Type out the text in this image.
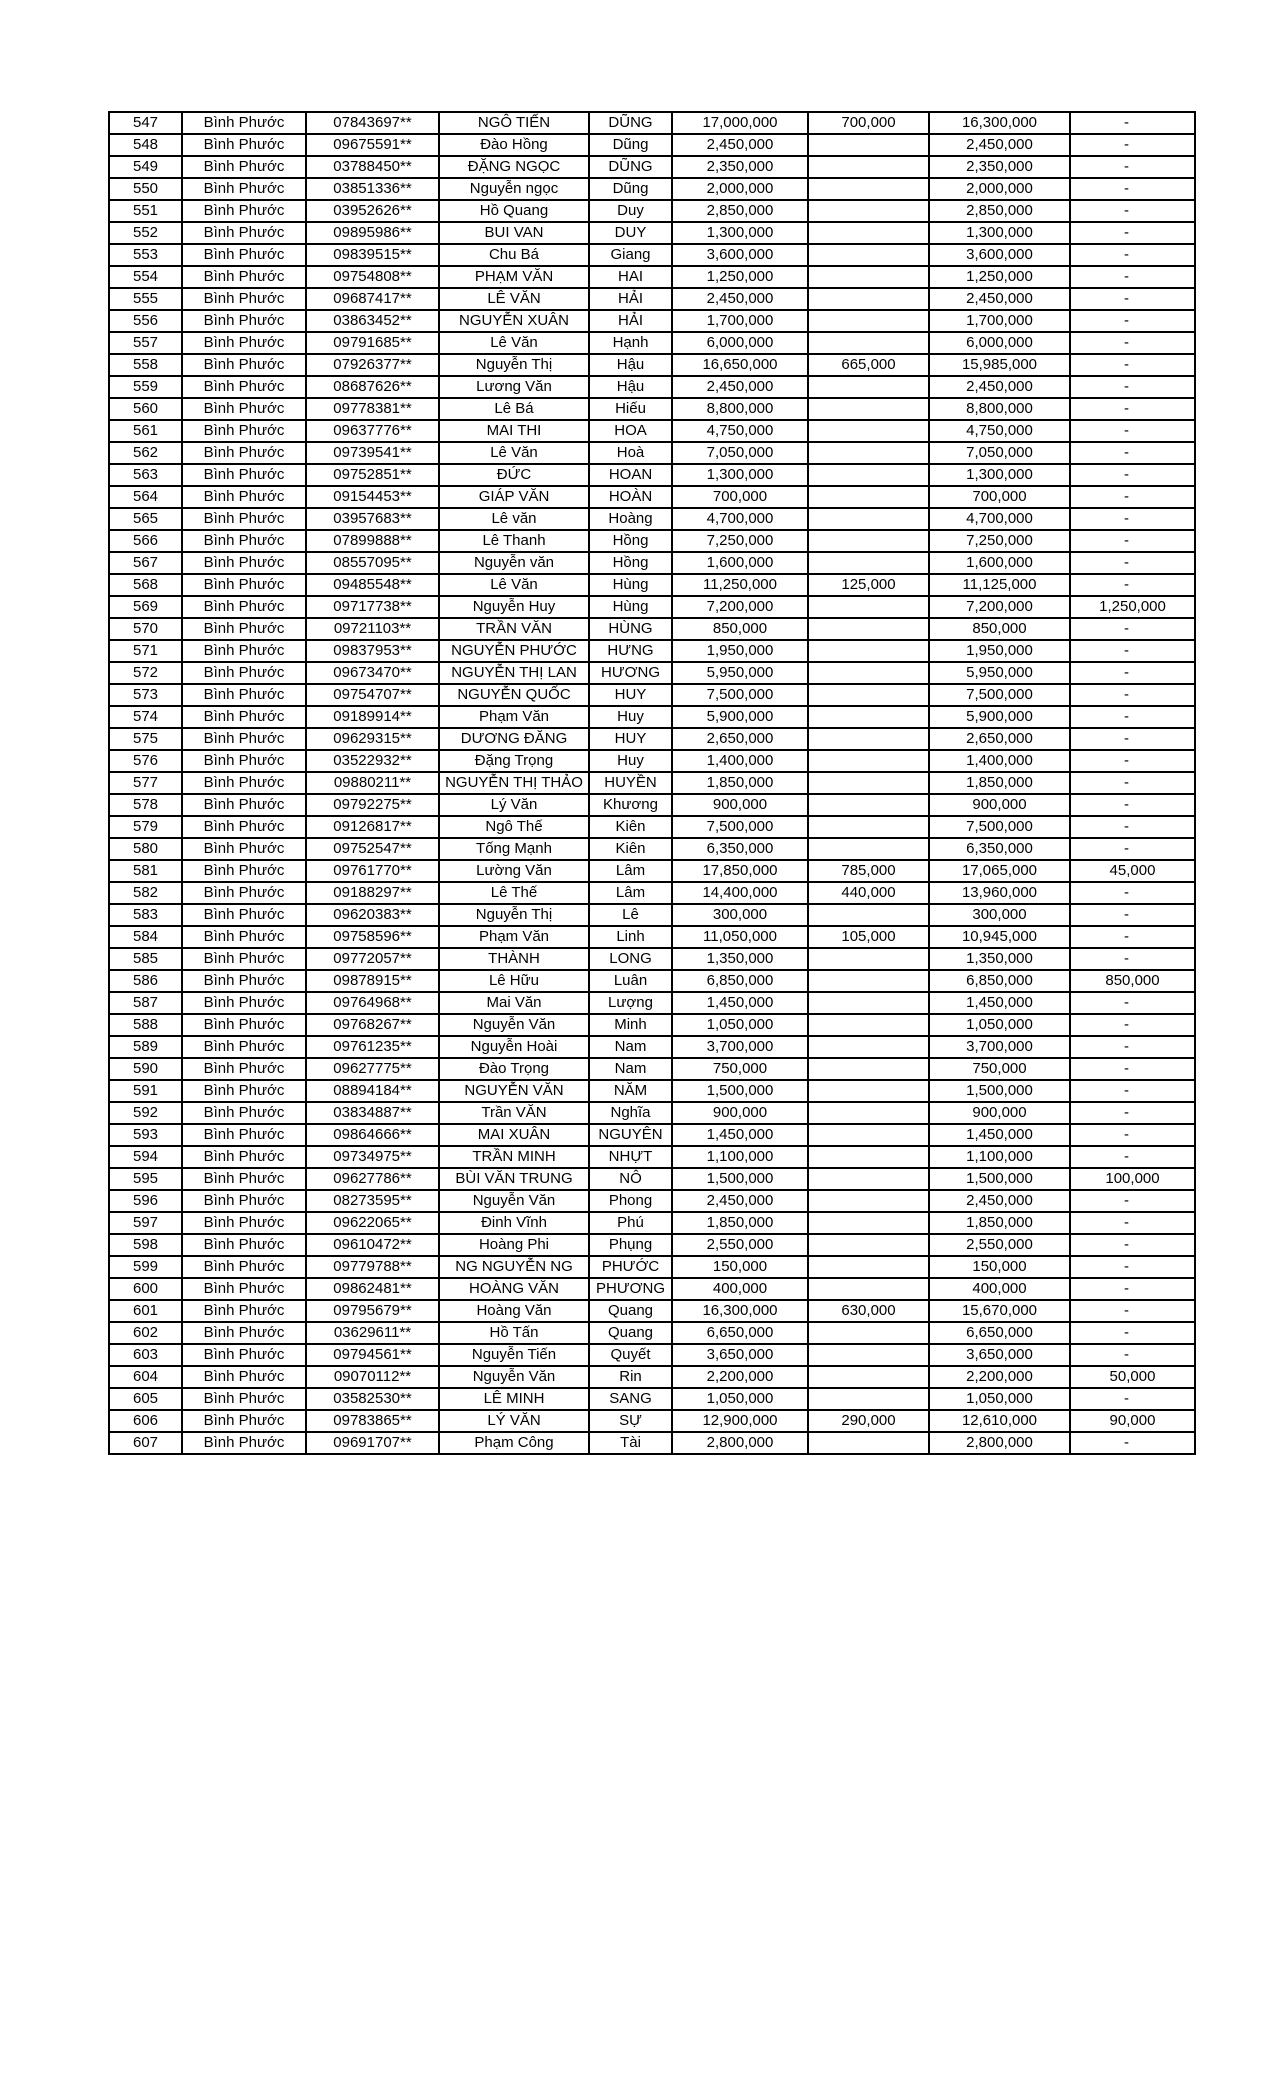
547	Bình Phước	07843697**	NGÔ TIẾN	DŨNG	17,000,000	700,000	16,300,000	-
548	Bình Phước	09675591**	Đào Hồng	Dũng	2,450,000		2,450,000	-
549	Bình Phước	03788450**	ĐẶNG NGỌC	DŨNG	2,350,000		2,350,000	-
550	Bình Phước	03851336**	Nguyễn ngọc	Dũng	2,000,000		2,000,000	-
551	Bình Phước	03952626**	Hồ Quang	Duy	2,850,000		2,850,000	-
552	Bình Phước	09895986**	BUI VAN	DUY	1,300,000		1,300,000	-
553	Bình Phước	09839515**	Chu Bá	Giang	3,600,000		3,600,000	-
554	Bình Phước	09754808**	PHẠM VĂN	HAI	1,250,000		1,250,000	-
555	Bình Phước	09687417**	LÊ VĂN	HẢI	2,450,000		2,450,000	-
556	Bình Phước	03863452**	NGUYỄN XUÂN	HẢI	1,700,000		1,700,000	-
557	Bình Phước	09791685**	Lê Văn	Hạnh	6,000,000		6,000,000	-
558	Bình Phước	07926377**	Nguyễn Thị	Hậu	16,650,000	665,000	15,985,000	-
559	Bình Phước	08687626**	Lương Văn	Hậu	2,450,000		2,450,000	-
560	Bình Phước	09778381**	Lê Bá	Hiếu	8,800,000		8,800,000	-
561	Bình Phước	09637776**	MAI THI	HOA	4,750,000		4,750,000	-
562	Bình Phước	09739541**	Lê Văn	Hoà	7,050,000		7,050,000	-
563	Bình Phước	09752851**	ĐỨC	HOAN	1,300,000		1,300,000	-
564	Bình Phước	09154453**	GIÁP VĂN	HOÀN	700,000		700,000	-
565	Bình Phước	03957683**	Lê văn	Hoàng	4,700,000		4,700,000	-
566	Bình Phước	07899888**	Lê Thanh	Hồng	7,250,000		7,250,000	-
567	Bình Phước	08557095**	Nguyễn văn	Hồng	1,600,000		1,600,000	-
568	Bình Phước	09485548**	Lê Văn	Hùng	11,250,000	125,000	11,125,000	-
569	Bình Phước	09717738**	Nguyễn Huy	Hùng	7,200,000		7,200,000	1,250,000
570	Bình Phước	09721103**	TRẦN VĂN	HÙNG	850,000		850,000	-
571	Bình Phước	09837953**	NGUYỄN PHƯỚC	HƯNG	1,950,000		1,950,000	-
572	Bình Phước	09673470**	NGUYỄN THỊ LAN	HƯƠNG	5,950,000		5,950,000	-
573	Bình Phước	09754707**	NGUYỄN QUỐC	HUY	7,500,000		7,500,000	-
574	Bình Phước	09189914**	Phạm Văn	Huy	5,900,000		5,900,000	-
575	Bình Phước	09629315**	DƯƠNG ĐĂNG	HUY	2,650,000		2,650,000	-
576	Bình Phước	03522932**	Đặng Trọng	Huy	1,400,000		1,400,000	-
577	Bình Phước	09880211**	NGUYỄN THỊ THẢO	HUYỀN	1,850,000		1,850,000	-
578	Bình Phước	09792275**	Lý Văn	Khương	900,000		900,000	-
579	Bình Phước	09126817**	Ngô Thế	Kiên	7,500,000		7,500,000	-
580	Bình Phước	09752547**	Tống Mạnh	Kiên	6,350,000		6,350,000	-
581	Bình Phước	09761770**	Lường Văn	Lâm	17,850,000	785,000	17,065,000	45,000
582	Bình Phước	09188297**	Lê Thế	Lâm	14,400,000	440,000	13,960,000	-
583	Bình Phước	09620383**	Nguyễn Thị	Lê	300,000		300,000	-
584	Bình Phước	09758596**	Phạm Văn	Linh	11,050,000	105,000	10,945,000	-
585	Bình Phước	09772057**	THÀNH	LONG	1,350,000		1,350,000	-
586	Bình Phước	09878915**	Lê Hữu	Luân	6,850,000		6,850,000	850,000
587	Bình Phước	09764968**	Mai Văn	Lượng	1,450,000		1,450,000	-
588	Bình Phước	09768267**	Nguyễn Văn	Minh	1,050,000		1,050,000	-
589	Bình Phước	09761235**	Nguyễn Hoài	Nam	3,700,000		3,700,000	-
590	Bình Phước	09627775**	Đào Trọng	Nam	750,000		750,000	-
591	Bình Phước	08894184**	NGUYỄN VĂN	NĂM	1,500,000		1,500,000	-
592	Bình Phước	03834887**	Trần VĂN	Nghĩa	900,000		900,000	-
593	Bình Phước	09864666**	MAI XUÂN	NGUYÊN	1,450,000		1,450,000	-
594	Bình Phước	09734975**	TRẦN MINH	NHỰT	1,100,000		1,100,000	-
595	Bình Phước	09627786**	BÙI VĂN TRUNG	NÔ	1,500,000		1,500,000	100,000
596	Bình Phước	08273595**	Nguyễn Văn	Phong	2,450,000		2,450,000	-
597	Bình Phước	09622065**	Đinh Vĩnh	Phú	1,850,000		1,850,000	-
598	Bình Phước	09610472**	Hoàng Phi	Phụng	2,550,000		2,550,000	-
599	Bình Phước	09779788**	NG NGUYỄN NG	PHƯỚC	150,000		150,000	-
600	Bình Phước	09862481**	HOÀNG VĂN	PHƯƠNG	400,000		400,000	-
601	Bình Phước	09795679**	Hoàng Văn	Quang	16,300,000	630,000	15,670,000	-
602	Bình Phước	03629611**	Hồ Tấn	Quang	6,650,000		6,650,000	-
603	Bình Phước	09794561**	Nguyễn Tiến	Quyết	3,650,000		3,650,000	-
604	Bình Phước	09070112**	Nguyễn Văn	Rin	2,200,000		2,200,000	50,000
605	Bình Phước	03582530**	LÊ MINH	SANG	1,050,000		1,050,000	-
606	Bình Phước	09783865**	LÝ VĂN	SỰ	12,900,000	290,000	12,610,000	90,000
607	Bình Phước	09691707**	Phạm Công	Tài	2,800,000		2,800,000	-
